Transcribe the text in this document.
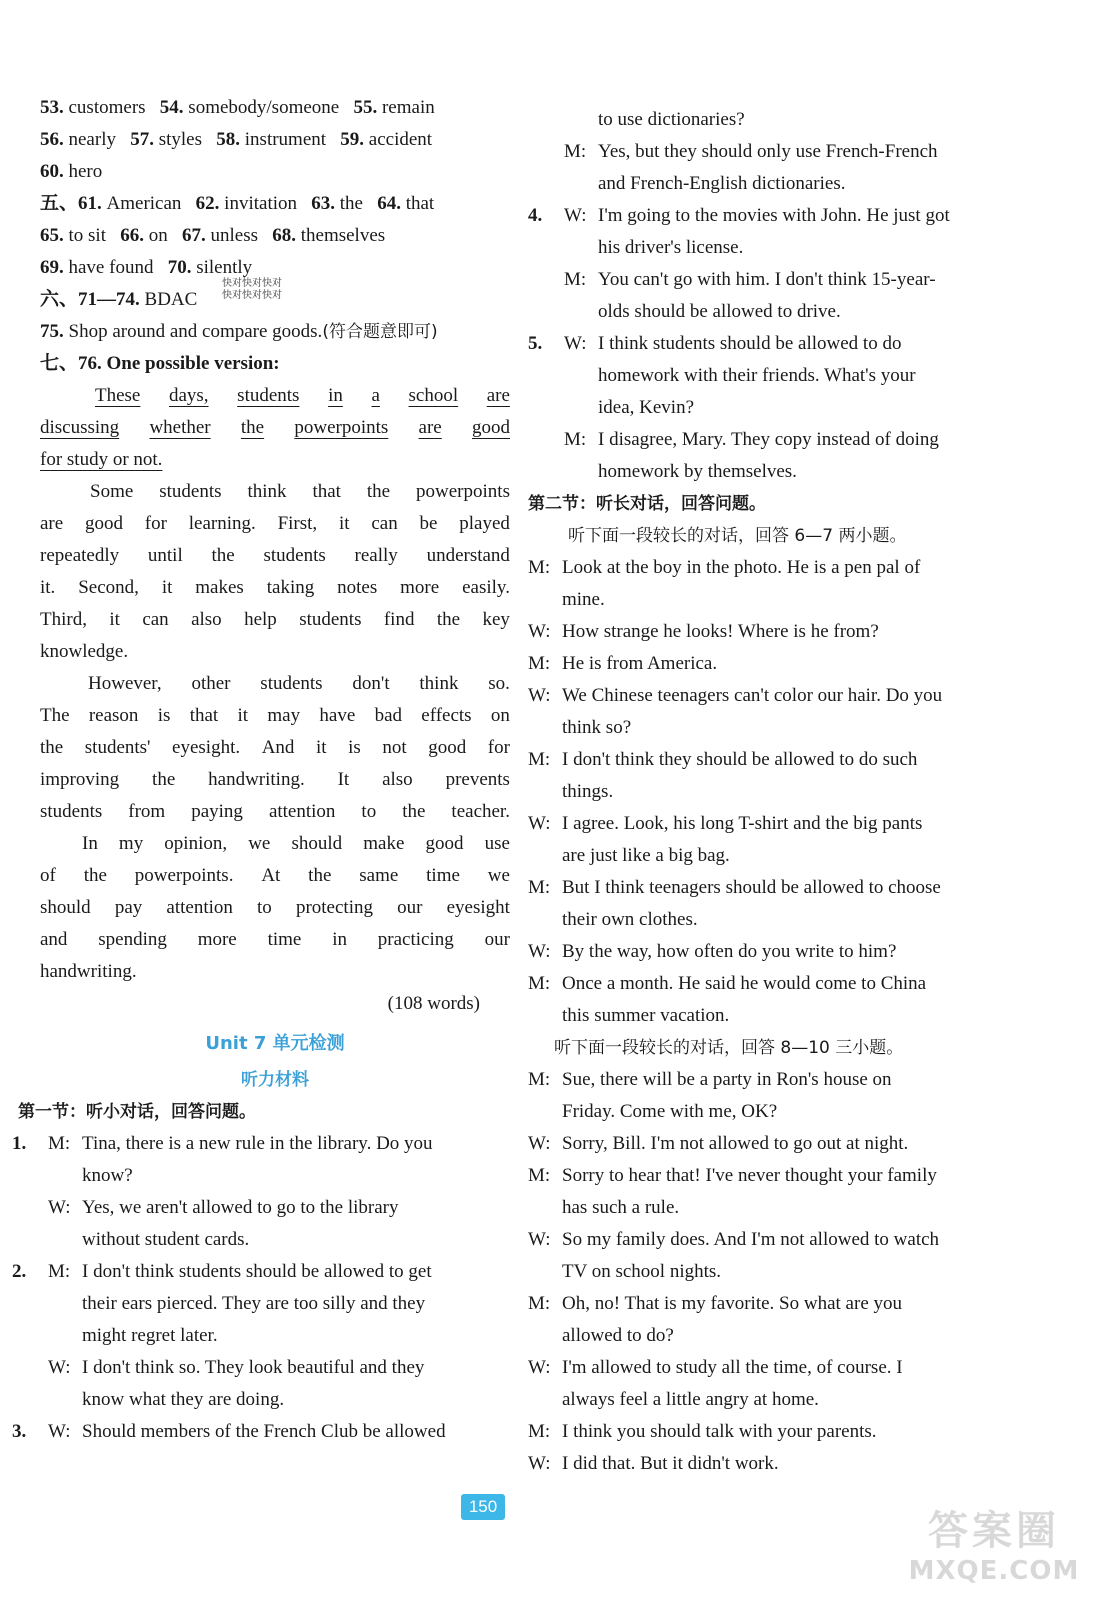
53. customers 54. somebody/someone 55. remain
56. nearly 57. styles 58. instrument 59. accident
60. hero
五、61. American 62. invitation 63. the 64. that
65. to sit 66. on 67. unless 68. themselves
69. have found 70. silently
六、71—74. BDAC
75. Shop around and compare goods.(符合题意即可)
七、76. One possible version:
These days, students in a school are
discussing whether the powerpoints are good
for study or not.
Some students think that the powerpoints
are good for learning. First, it can be played
repeatedly until the students really understand
it. Second, it makes taking notes more easily.
Third, it can also help students find the key
knowledge.
However, other students don't think so.
The reason is that it may have bad effects on
the students' eyesight. And it is not good for
improving the handwriting. It also prevents
students from paying attention to the teacher.
In my opinion, we should make good use
of the powerpoints. At the same time we
should pay attention to protecting our eyesight
and spending more time in practicing our
handwriting.
(108 words)
Unit 7 单元检测
听力材料
第一节：听小对话，回答问题。
1. M: Tina, there is a new rule in the library. Do you
know?
W: Yes, we aren't allowed to go to the library
without student cards.
2. M: I don't think students should be allowed to get
their ears pierced. They are too silly and they
might regret later.
W: I don't think so. They look beautiful and they
know what they are doing.
3. W: Should members of the French Club be allowed
快对快对快对
快对快对快对
to use dictionaries?
M: Yes, but they should only use French-French
and French-English dictionaries.
4. W: I'm going to the movies with John. He just got
his driver's license.
M: You can't go with him. I don't think 15-year-
olds should be allowed to drive.
5. W: I think students should be allowed to do
homework with their friends. What's your
idea, Kevin?
M: I disagree, Mary. They copy instead of doing
homework by themselves.
第二节：听长对话，回答问题。
听下面一段较长的对话，回答 6—7 两小题。
M: Look at the boy in the photo. He is a pen pal of
mine.
W: How strange he looks! Where is he from?
M: He is from America.
W: We Chinese teenagers can't color our hair. Do you
think so?
M: I don't think they should be allowed to do such
things.
W: I agree. Look, his long T-shirt and the big pants
are just like a big bag.
M: But I think teenagers should be allowed to choose
their own clothes.
W: By the way, how often do you write to him?
M: Once a month. He said he would come to China
this summer vacation.
听下面一段较长的对话，回答 8—10 三小题。
M: Sue, there will be a party in Ron's house on
Friday. Come with me, OK?
W: Sorry, Bill. I'm not allowed to go out at night.
M: Sorry to hear that! I've never thought your family
has such a rule.
W: So my family does. And I'm not allowed to watch
TV on school nights.
M: Oh, no! That is my favorite. So what are you
allowed to do?
W: I'm allowed to study all the time, of course. I
always feel a little angry at home.
M: I think you should talk with your parents.
W: I did that. But it didn't work.
150
答案圈
MXQE.COM
